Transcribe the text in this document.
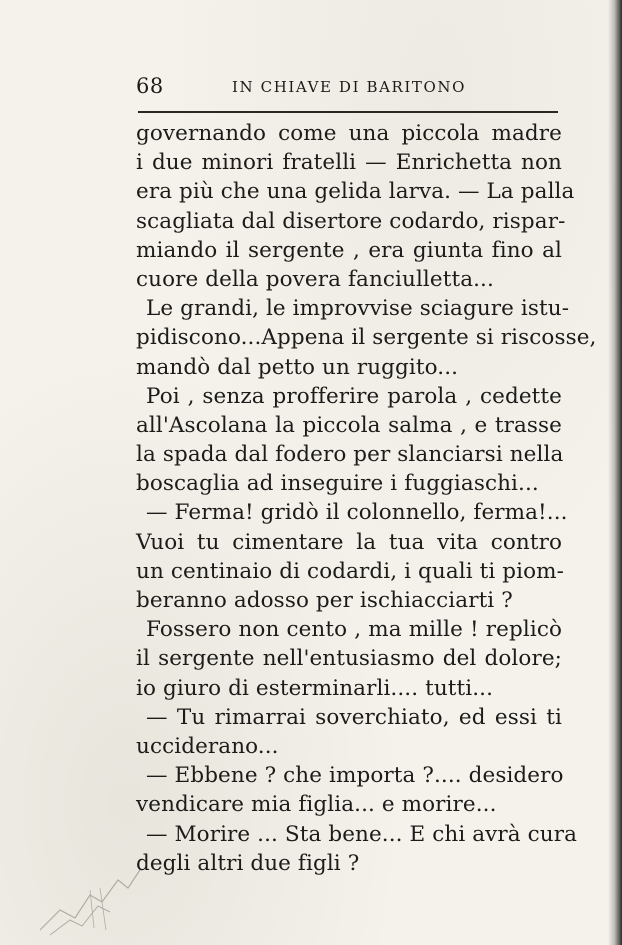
68	IN CHIAVE DI BARITONO
governando come una piccola madre
i due minori fratelli — Enrichetta non
era più che una gelida larva. — La palla
scagliata dal disertore codardo, rispar-
miando il sergente , era giunta fino al
cuore della povera fanciulletta...
Le grandi, le improvvise sciagure istu-
pidiscono...Appena il sergente si riscosse,
mandò dal petto un ruggito...
Poi , senza profferire parola , cedette
all'Ascolana la piccola salma , e trasse
la spada dal fodero per slanciarsi nella
boscaglia ad inseguire i fuggiaschi...
— Ferma! gridò il colonnello, ferma!...
Vuoi tu cimentare la tua vita contro
un centinaio di codardi, i quali ti piom-
beranno adosso per ischiacciarti ?
Fossero non cento , ma mille ! replicò
il sergente nell'entusiasmo del dolore;
io giuro di esterminarli.... tutti...
— Tu rimarrai soverchiato, ed essi ti
ucciderano...
— Ebbene ? che importa ?.... desidero
vendicare mia figlia... e morire...
— Morire ... Sta bene... E chi avrà cura
degli altri due figli ?
